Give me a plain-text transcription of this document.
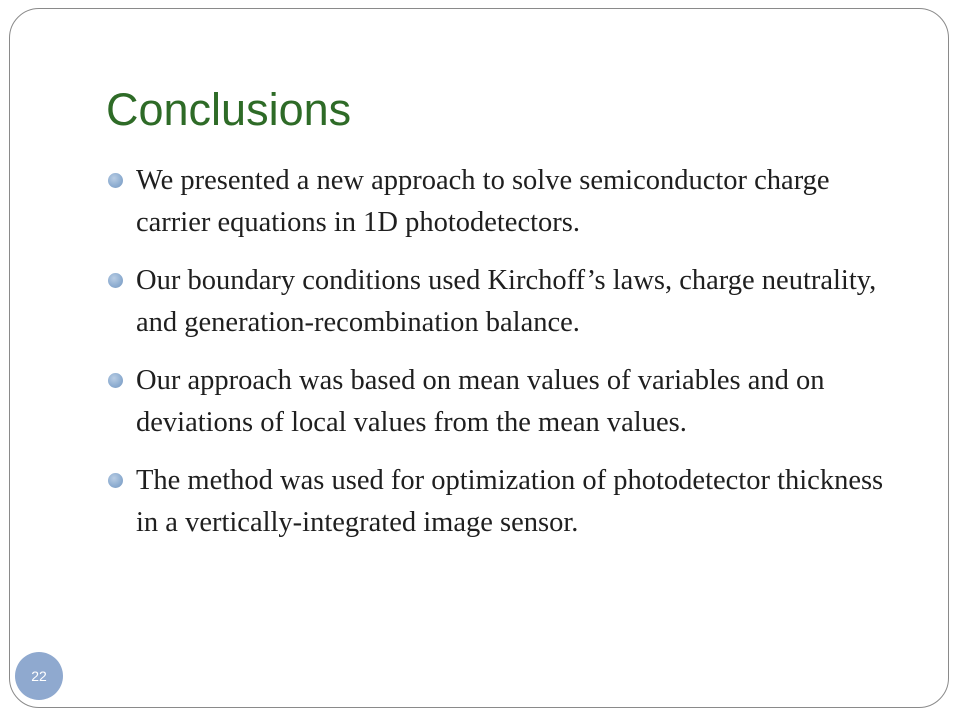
Conclusions
We presented a new approach to solve semiconductor charge carrier equations in 1D photodetectors.
Our boundary conditions used Kirchoff’s laws, charge neutrality, and generation-recombination balance.
Our approach was based on mean values of variables and on deviations of local values from the mean values.
The method was used for optimization of photodetector thickness in a vertically-integrated image sensor.
22
